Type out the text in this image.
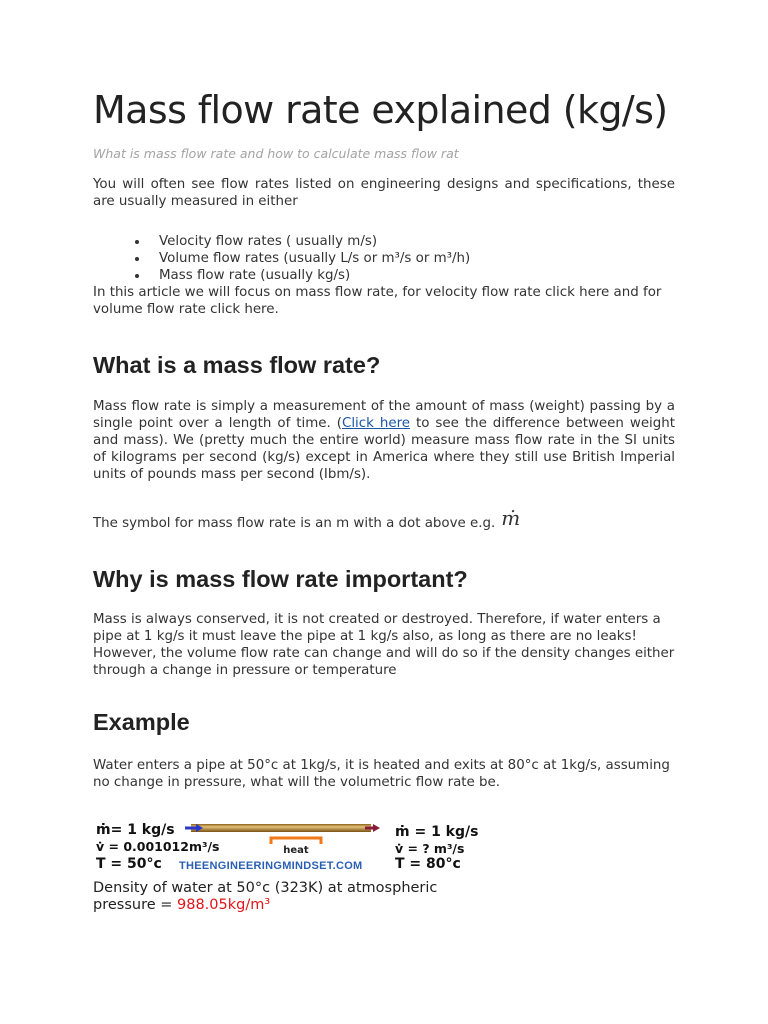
Mass flow rate explained (kg/s)

What is mass flow rate and how to calculate mass flow rat

You will often see flow rates listed on engineering designs and specifications, these are usually measured in either

Velocity flow rates ( usually m/s)
Volume flow rates (usually L/s or m³/s or m³/h)
Mass flow rate (usually kg/s)

In this article we will focus on mass flow rate, for velocity flow rate click here and for volume flow rate click here.

What is a mass flow rate?

Mass flow rate is simply a measurement of the amount of mass (weight) passing by a single point over a length of time. (Click here to see the difference between weight and mass). We (pretty much the entire world) measure mass flow rate in the SI units of kilograms per second (kg/s) except in America where they still use British Imperial units of pounds mass per second (Ibm/s).

The symbol for mass flow rate is an m with a dot above e.g. ṁ

Why is mass flow rate important?

Mass is always conserved, it is not created or destroyed. Therefore, if water enters a pipe at 1 kg/s it must leave the pipe at 1 kg/s also, as long as there are no leaks! However, the volume flow rate can change and will do so if the density changes either through a change in pressure or temperature

Example

Water enters a pipe at 50°c at 1kg/s, it is heated and exits at 80°c at 1kg/s, assuming no change in pressure, what will the volumetric flow rate be.

ṁ= 1 kg/s
v̇ = 0.001012m³/s
T = 50°c
heat
THEENGINEERINGMINDSET.COM
ṁ = 1 kg/s
v̇ = ? m³/s
T = 80°c
Density of water at 50°c (323K) at atmospheric
pressure = 988.05kg/m³
